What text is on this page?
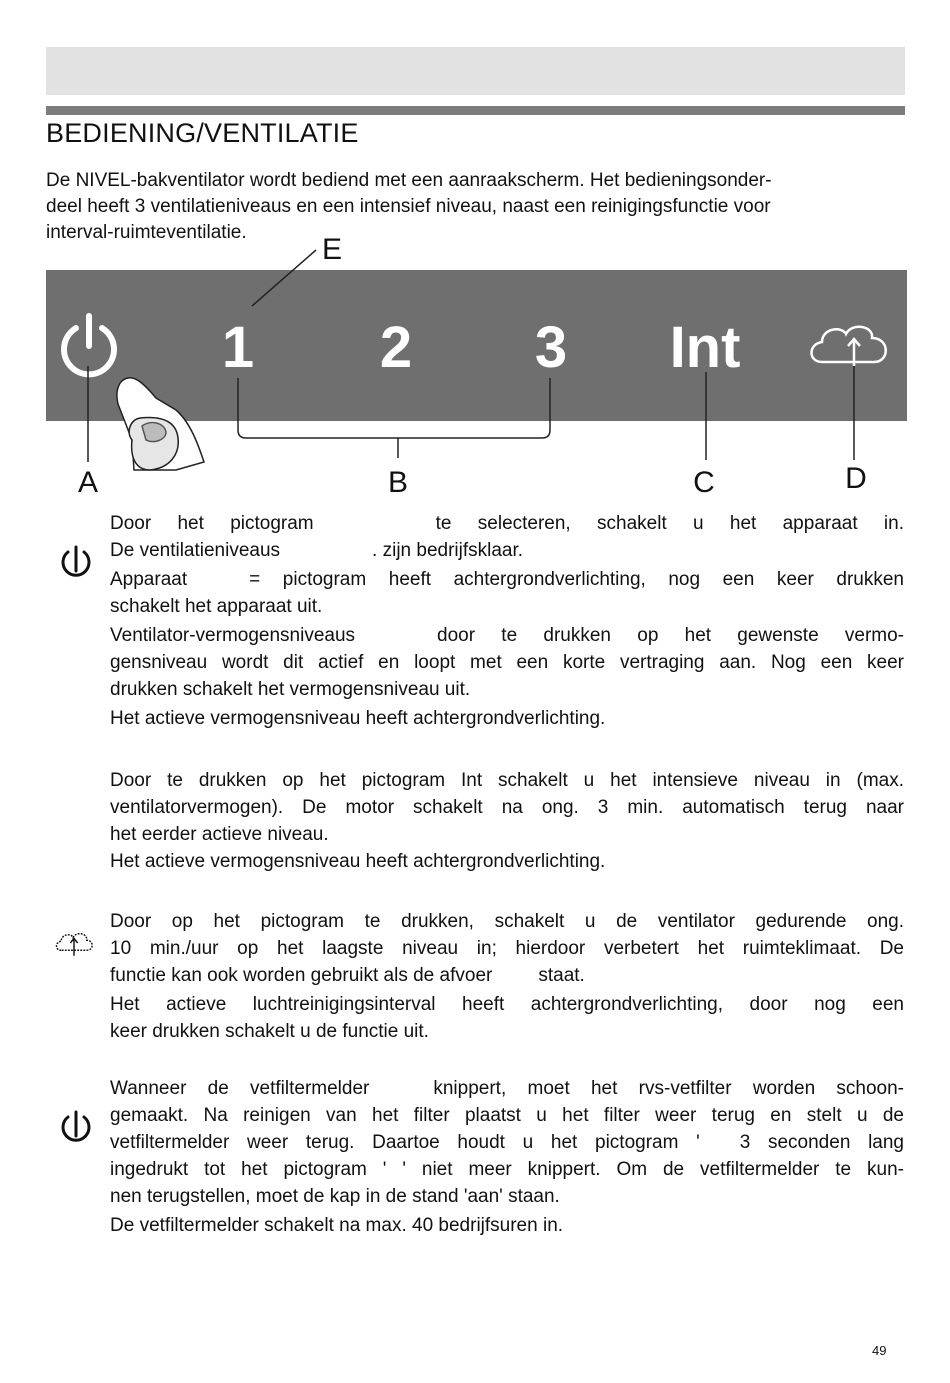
BEDIENING/VENTILATIE

De NIVEL-bakventilator wordt bediend met een aanraakscherm. Het bedieningsonder-

deel heeft 3 ventilatieniveaus en een intensief niveau, naast een reinigingsfunctie voor

interval-ruimteventilatie.

1 2 3 Int
A	B	C	D
E

Door het pictogram	te selecteren, schakelt u het apparaat in.

De ventilatieniveaus	. zijn bedrijfsklaar.

Apparaat	= pictogram heeft achtergrondverlichting, nog een keer drukken

schakelt het apparaat uit.

Ventilator-vermogensniveaus	door te drukken op het gewenste vermo-

gensniveau wordt dit actief en loopt met een korte vertraging aan. Nog een keer

drukken schakelt het vermogensniveau uit.

Het actieve vermogensniveau heeft achtergrondverlichting.

Door te drukken op het pictogram Int schakelt u het intensieve niveau in (max.

ventilatorvermogen). De motor schakelt na ong. 3 min. automatisch terug naar

het eerder actieve niveau.

Het actieve vermogensniveau heeft achtergrondverlichting.

Door op het pictogram te drukken, schakelt u de ventilator gedurende ong.

10 min./uur op het laagste niveau in; hierdoor verbetert het ruimteklimaat. De

functie kan ook worden gebruikt als de afvoer staat.

Het actieve luchtreinigingsinterval heeft achtergrondverlichting, door nog een

keer drukken schakelt u de functie uit.

Wanneer de vetfiltermelder	knippert, moet het rvs-vetfilter worden schoon-

gemaakt. Na reinigen van het filter plaatst u het filter weer terug en stelt u de

vetfiltermelder weer terug. Daartoe houdt u het pictogram ' 3 seconden lang

ingedrukt tot het pictogram ' ' niet meer knippert. Om de vetfiltermelder te kun-

nen terugstellen, moet de kap in de stand 'aan' staan.

De vetfiltermelder schakelt na max. 40 bedrijfsuren in.

49
